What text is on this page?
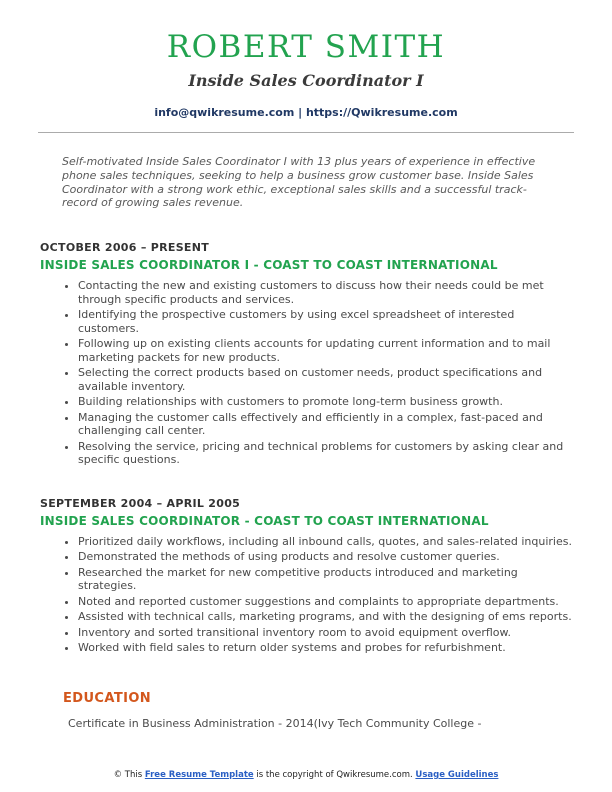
ROBERT SMITH
Inside Sales Coordinator I
info@qwikresume.com | https://Qwikresume.com

Self-motivated Inside Sales Coordinator I with 13 plus years of experience in effective phone sales techniques, seeking to help a business grow customer base. Inside Sales Coordinator with a strong work ethic, exceptional sales skills and a successful track-record of growing sales revenue.

OCTOBER 2006 – PRESENT
INSIDE SALES COORDINATOR I - COAST TO COAST INTERNATIONAL
• Contacting the new and existing customers to discuss how their needs could be met through specific products and services.
• Identifying the prospective customers by using excel spreadsheet of interested customers.
• Following up on existing clients accounts for updating current information and to mail marketing packets for new products.
• Selecting the correct products based on customer needs, product specifications and available inventory.
• Building relationships with customers to promote long-term business growth.
• Managing the customer calls effectively and efficiently in a complex, fast-paced and challenging call center.
• Resolving the service, pricing and technical problems for customers by asking clear and specific questions.
SEPTEMBER 2004 – APRIL 2005
INSIDE SALES COORDINATOR - COAST TO COAST INTERNATIONAL
• Prioritized daily workflows, including all inbound calls, quotes, and sales-related inquiries.
• Demonstrated the methods of using products and resolve customer queries.
• Researched the market for new competitive products introduced and marketing strategies.
• Noted and reported customer suggestions and complaints to appropriate departments.
• Assisted with technical calls, marketing programs, and with the designing of ems reports.
• Inventory and sorted transitional inventory room to avoid equipment overflow.
• Worked with field sales to return older systems and probes for refurbishment.
EDUCATION
Certificate in Business Administration - 2014(Ivy Tech Community College -
© This Free Resume Template is the copyright of Qwikresume.com. Usage Guidelines
